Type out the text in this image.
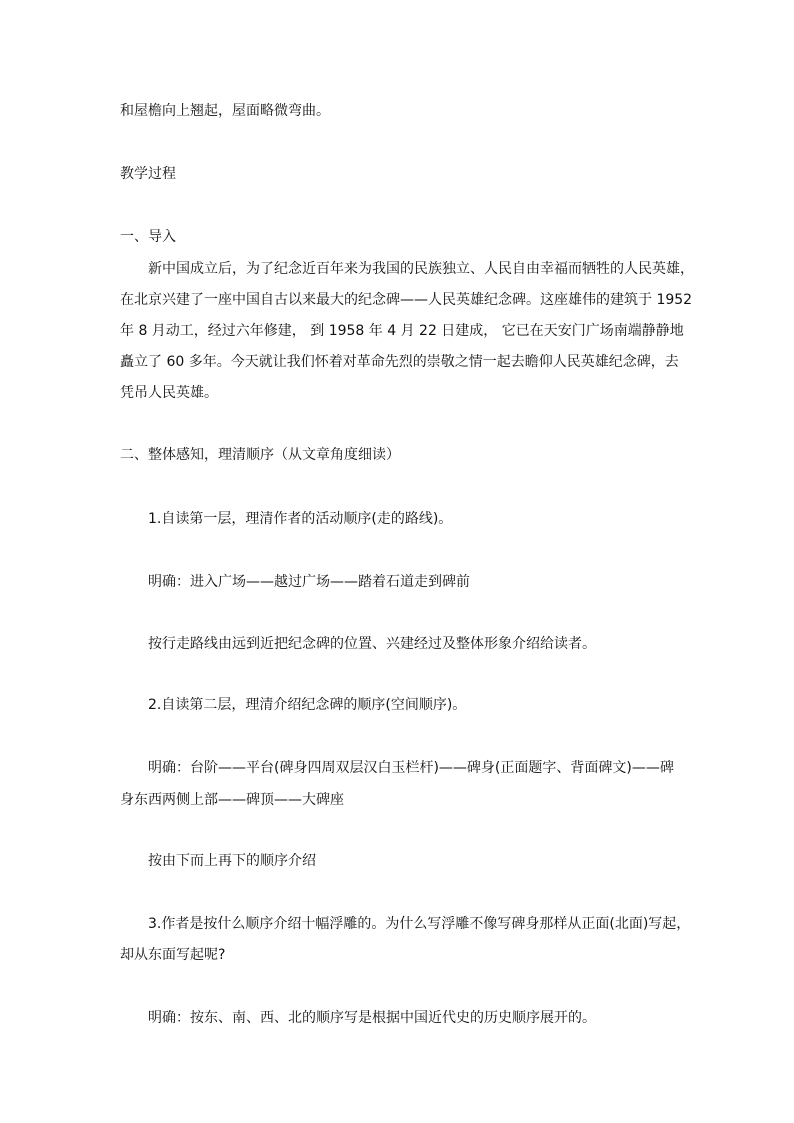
和屋檐向上翘起，屋面略微弯曲。
教学过程
一、导入
新中国成立后，为了纪念近百年来为我国的民族独立、人民自由幸福而牺牲的人民英雄，
在北京兴建了一座中国自古以来最大的纪念碑——人民英雄纪念碑。这座雄伟的建筑于 1952
年 8 月动工，经过六年修建， 到 1958 年 4 月 22 日建成， 它已在天安门广场南端静静地
矗立了 60 多年。今天就让我们怀着对革命先烈的崇敬之情一起去瞻仰人民英雄纪念碑，去
凭吊人民英雄。
二、整体感知，理清顺序（从文章角度细读）
1.自读第一层，理清作者的活动顺序(走的路线)。
明确：进入广场——越过广场——踏着石道走到碑前
按行走路线由远到近把纪念碑的位置、兴建经过及整体形象介绍给读者。
2.自读第二层，理清介绍纪念碑的顺序(空间顺序)。
明确：台阶——平台(碑身四周双层汉白玉栏杆)——碑身(正面题字、背面碑文)——碑
身东西两侧上部——碑顶——大碑座
按由下而上再下的顺序介绍
3.作者是按什么顺序介绍十幅浮雕的。为什么写浮雕不像写碑身那样从正面(北面)写起，
却从东面写起呢?
明确：按东、南、西、北的顺序写是根据中国近代史的历史顺序展开的。
